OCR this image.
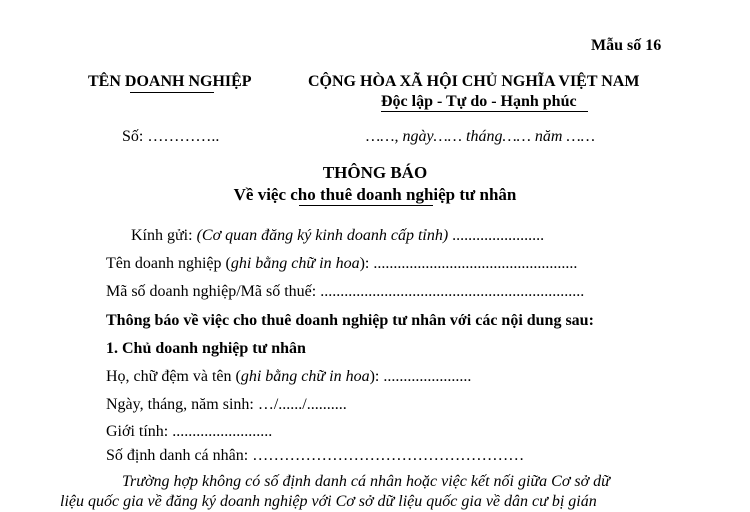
Mẫu số 16
TÊN DOANH NGHIỆP	CỘNG HÒA XÃ HỘI CHỦ NGHĨA VIỆT NAM
Độc lập - Tự do - Hạnh phúc
Số: …………..	……, ngày…… tháng…… năm ……
THÔNG BÁO
Về việc cho thuê doanh nghiệp tư nhân
Kính gửi: (Cơ quan đăng ký kinh doanh cấp tỉnh) .......................
Tên doanh nghiệp (ghi bằng chữ in hoa): ...................................................
Mã số doanh nghiệp/Mã số thuế: ..................................................................
Thông báo về việc cho thuê doanh nghiệp tư nhân với các nội dung sau:
1. Chủ doanh nghiệp tư nhân
Họ, chữ đệm và tên (ghi bằng chữ in hoa): ......................
Ngày, tháng, năm sinh: …/....../..........
Giới tính: .........................
Số định danh cá nhân: ……………………………………………
Trường hợp không có số định danh cá nhân hoặc việc kết nối giữa Cơ sở dữ
liệu quốc gia về đăng ký doanh nghiệp với Cơ sở dữ liệu quốc gia về dân cư bị gián
